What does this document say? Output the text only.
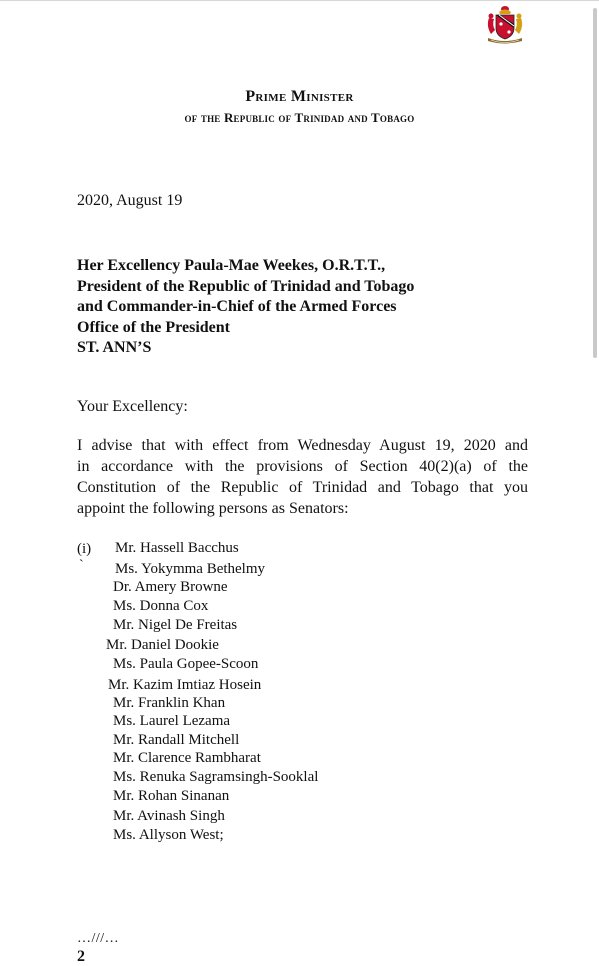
Prime Minister
of the Republic of Trinidad and Tobago
2020, August 19
Her Excellency Paula-Mae Weekes, O.R.T.T.,
President of the Republic of Trinidad and Tobago
and Commander-in-Chief of the Armed Forces
Office of the President
ST. ANN’S
Your Excellency:
I advise that with effect from Wednesday August 19, 2020 and
in accordance with the provisions of Section 40(2)(a) of the
Constitution of the Republic of Trinidad and Tobago that you
appoint the following persons as Senators:
(i)
`
Mr. Hassell Bacchus
Ms. Yokymma Bethelmy
Dr. Amery Browne
Ms. Donna Cox
Mr. Nigel De Freitas
Mr. Daniel Dookie
Ms. Paula Gopee-Scoon
Mr. Kazim Imtiaz Hosein
Mr. Franklin Khan
Ms. Laurel Lezama
Mr. Randall Mitchell
Mr. Clarence Rambharat
Ms. Renuka Sagramsingh-Sooklal
Mr. Rohan Sinanan
Mr. Avinash Singh
Ms. Allyson West;
…///…
2
